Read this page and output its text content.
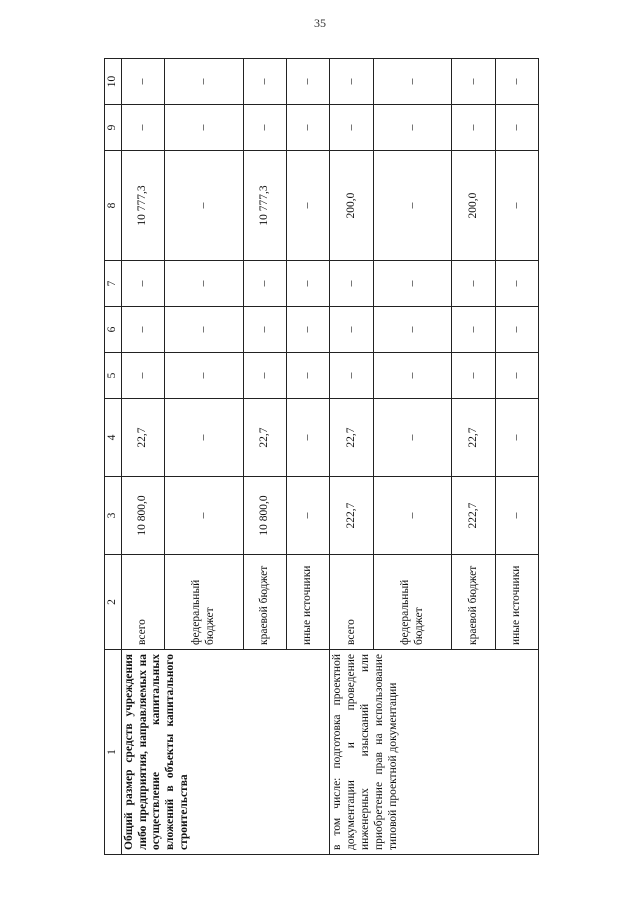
35
1	2	3	4	5	6	7	8	9	10
Общий размер средств учреждения либо предприятия, направляемых на осуществление капитальных вложений в объекты капитального строительства	всего	10 800,0	22,7	–	–	–	10 777,3	–	–
	федеральный бюджет	–	–	–	–	–	–	–	–
	краевой бюджет	10 800,0	22,7	–	–	–	10 777,3	–	–
	иные источники	–	–	–	–	–	–	–	–
в том числе: подготовка проектной документации и проведение инженерных изысканий или приобретение прав на использование типовой проектной документации	всего	222,7	22,7	–	–	–	200,0	–	–
	федеральный бюджет	–	–	–	–	–	–	–	–
	краевой бюджет	222,7	22,7	–	–	–	200,0	–	–
	иные источники	–	–	–	–	–	–	–	–
